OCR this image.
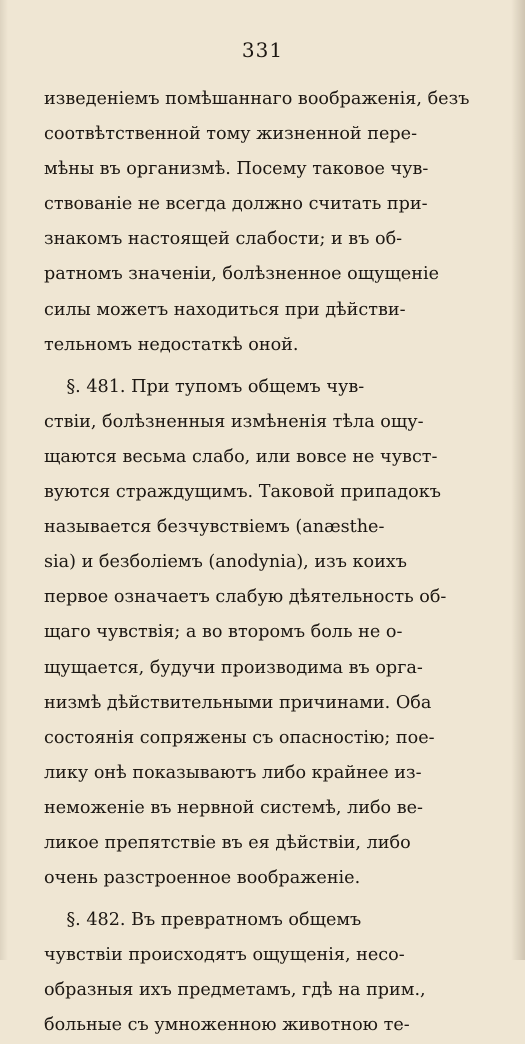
331
изведеніемъ помѣшаннаго воображенія, безъ
соотвѣтственной тому жизненной пере-
мѣны въ организмѣ. Посему таковое чув-
ствованіе не всегда должно считать при-
знакомъ настоящей слабости; и въ об-
ратномъ значеніи, болѣзненное ощущеніе
силы можетъ находиться при дѣйстви-
тельномъ недостаткѣ оной.
§. 481. При тупомъ общемъ чув-
ствіи, болѣзненныя измѣненія тѣла ощу-
щаются весьма слабо, или вовсе не чувст-
вуются страждущимъ. Таковой припадокъ
называется безчувствіемъ (anæsthe-
sia) и безболіемъ (anodynia), изъ коихъ
первое означаетъ слабую дѣятельность об-
щаго чувствія; а во второмъ боль не о-
щущается, будучи производима въ орга-
низмѣ дѣйствительными причинами. Оба
состоянія сопряжены съ опасностію; поe-
лику онѣ показываютъ либо крайнее из-
неможеніе въ нервной системѣ, либо ве-
ликое препятствіе въ ея дѣйствіи, либо
очень разстроенное воображеніе.
§. 482. Въ превратномъ общемъ
чувствіи происходятъ ощущенія, несо-
образныя ихъ предметамъ, гдѣ на прим.,
больные съ умноженною животною те-
